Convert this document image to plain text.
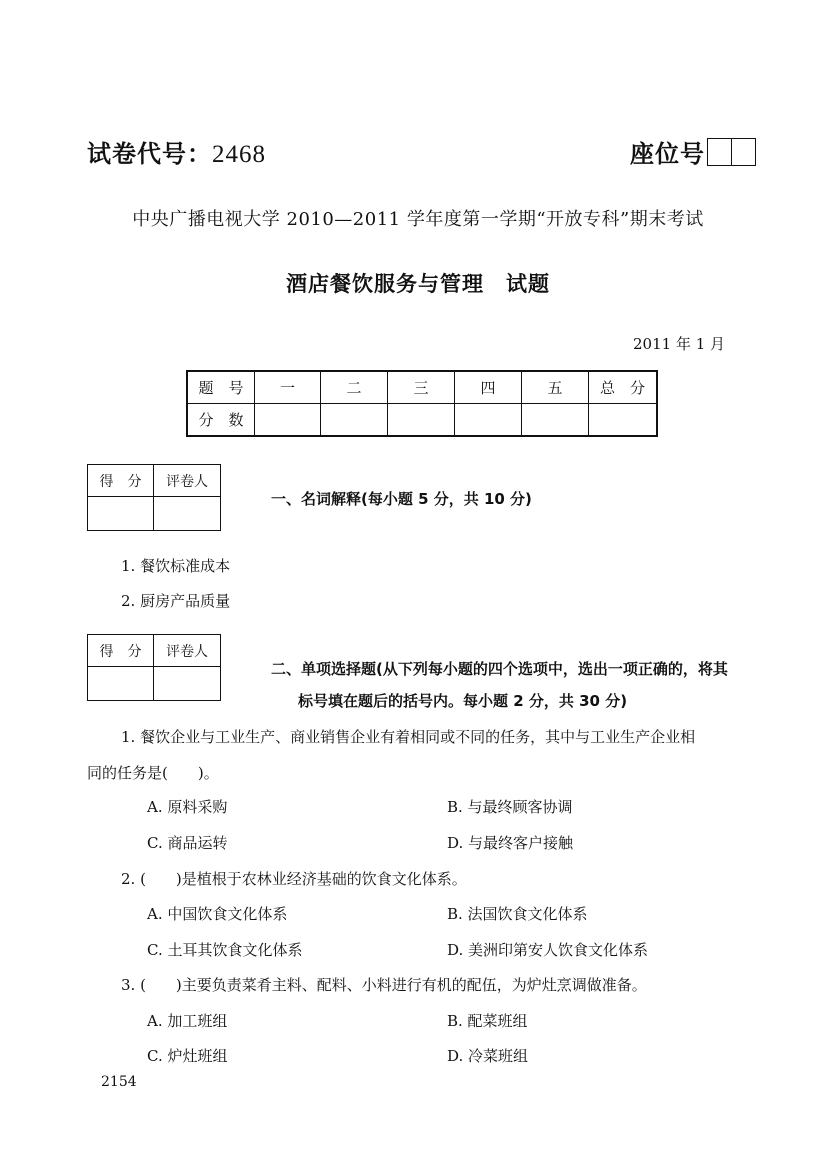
试卷代号：2468	座位号
中央广播电视大学 2010—2011 学年度第一学期“开放专科”期末考试
酒店餐饮服务与管理　试题
2011 年 1 月
题　号	一	二	三	四	五	总　分
分　数						
得　分	评卷人

一、名词解释(每小题 5 分，共 10 分)
1. 餐饮标准成本
2. 厨房产品质量
得　分	评卷人

二、单项选择题(从下列每小题的四个选项中，选出一项正确的，将其
标号填在题后的括号内。每小题 2 分，共 30 分)
1. 餐饮企业与工业生产、商业销售企业有着相同或不同的任务，其中与工业生产企业相
同的任务是(　　)。
A. 原料采购	B. 与最终顾客协调
C. 商品运转	D. 与最终客户接触
2. (　　)是植根于农林业经济基础的饮食文化体系。
A. 中国饮食文化体系	B. 法国饮食文化体系
C. 土耳其饮食文化体系	D. 美洲印第安人饮食文化体系
3. (　　)主要负责菜肴主料、配料、小料进行有机的配伍，为炉灶烹调做准备。
A. 加工班组	B. 配菜班组
C. 炉灶班组	D. 冷菜班组
2154
